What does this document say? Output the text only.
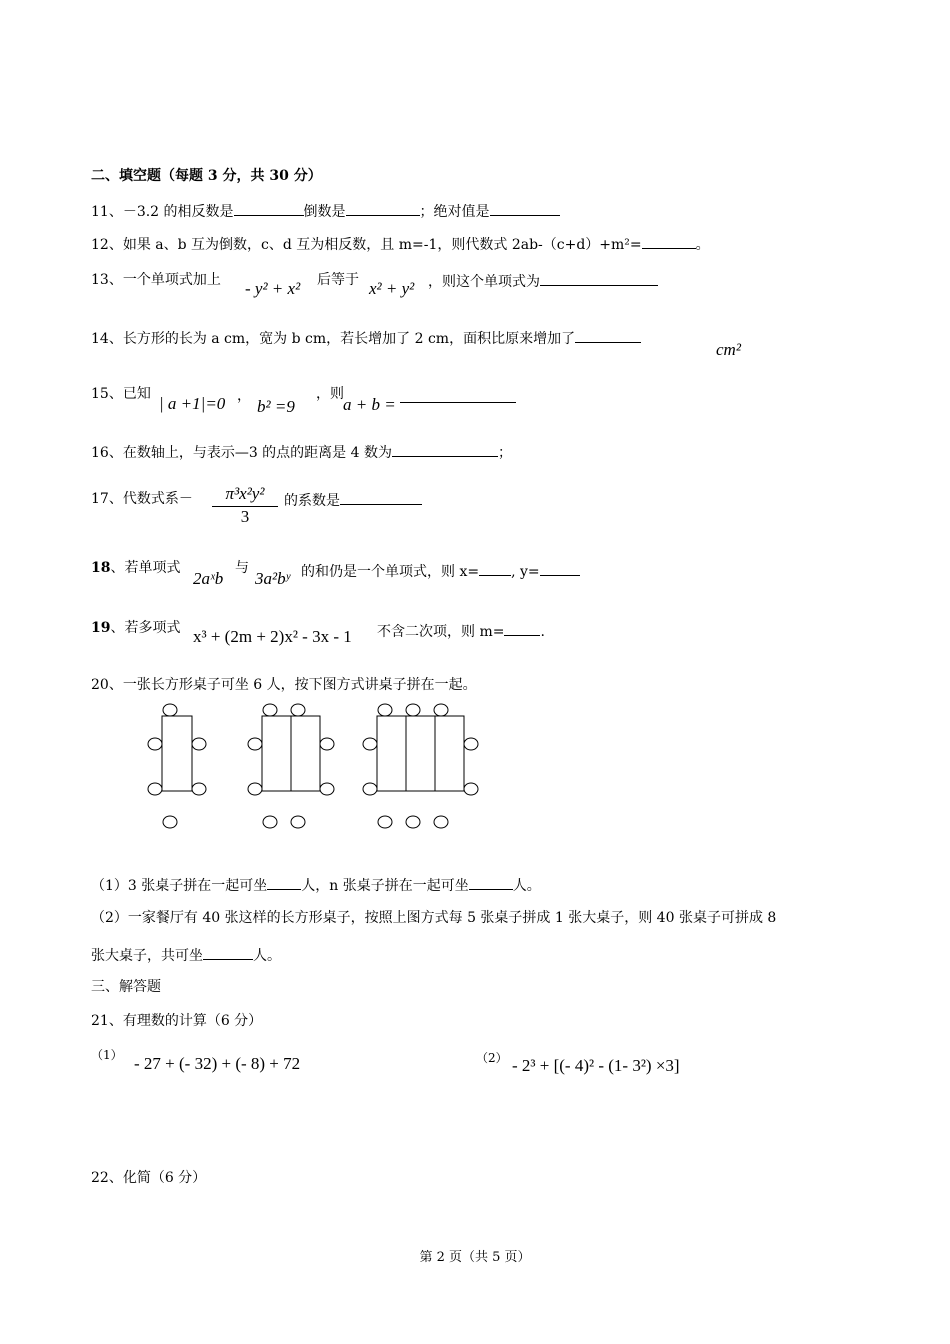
二、填空题（每题 3 分，共 30 分）
11、－3.2 的相反数是	倒数是	；绝对值是
12、如果 a、b 互为倒数，c、d 互为相反数，且 m=-1，则代数式 2ab-（c+d）+m²=	。
13、一个单项式加上 - y² + x² 后等于 x² + y² ，则这个单项式为
14、长方形的长为 a cm，宽为 b cm，若长增加了 2 cm，面积比原来增加了
cm²
15、已知 | a +1|=0 ，
b² =9
，则
a + b =
16、在数轴上，与表示—3 的点的距离是 4 数为	；
17、代数式系－	π³x²y²
3
的系数是
18、若单项式
2aˣb
与
3a²bʸ 的和仍是一个单项式，则 x= , y=
19、若多项式 x³ + (2m + 2)x² - 3x - 1 不含二次项，则 m=	.
20、一张长方形桌子可坐 6 人，按下图方式讲桌子拼在一起。
（1）3 张桌子拼在一起可坐 人，n 张桌子拼在一起可坐	人。
（2）一家餐厅有 40 张这样的长方形桌子，按照上图方式每 5 张桌子拼成 1 张大桌子，则 40 张桌子可拼成 8
张大桌子，共可坐	人。
三、解答题
21、有理数的计算（6 分）
（1） - 27 + (- 32) + (- 8) + 72	（2） - 2³ + [(- 4)² - (1- 3²) ×3]
22、化简（6 分）
第 2 页（共 5 页）
